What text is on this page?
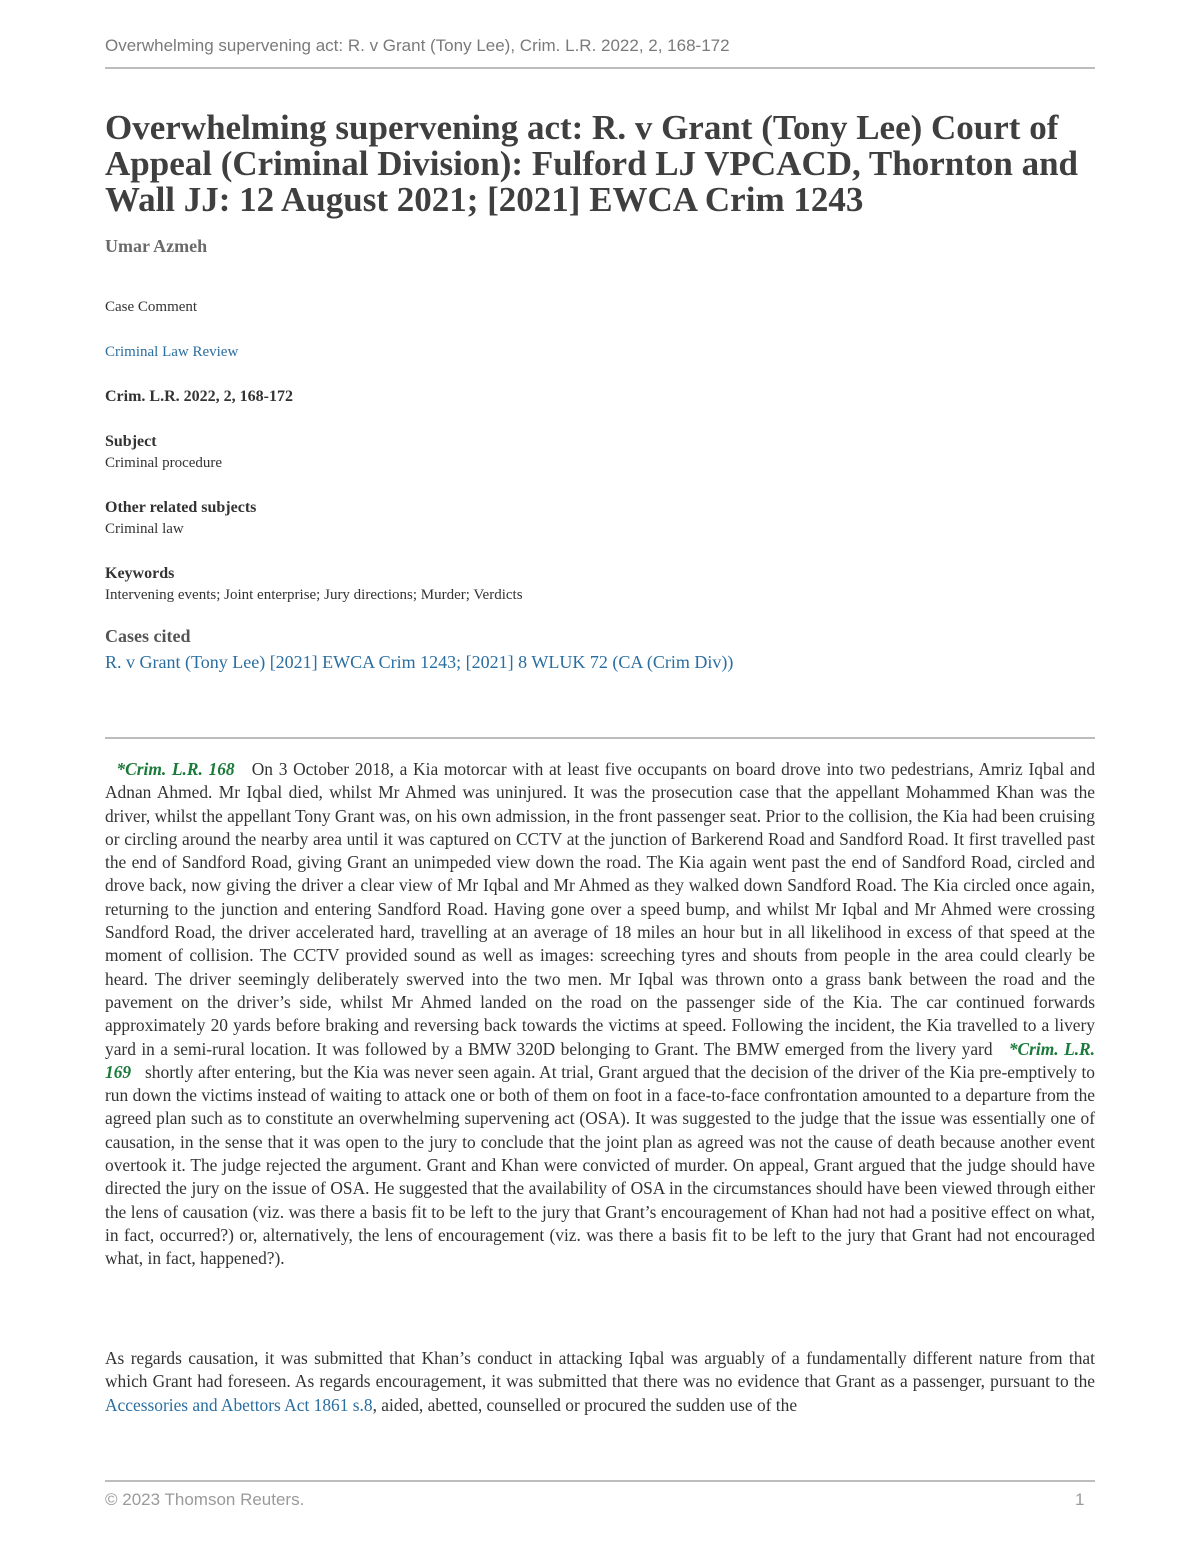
Overwhelming supervening act: R. v Grant (Tony Lee), Crim. L.R. 2022, 2, 168-172
Overwhelming supervening act: R. v Grant (Tony Lee) Court of Appeal (Criminal Division): Fulford LJ VPCACD, Thornton and Wall JJ: 12 August 2021; [2021] EWCA Crim 1243
Umar Azmeh
Case Comment
Criminal Law Review
Crim. L.R. 2022, 2, 168-172
Subject
Criminal procedure
Other related subjects
Criminal law
Keywords
Intervening events; Joint enterprise; Jury directions; Murder; Verdicts
Cases cited
R. v Grant (Tony Lee) [2021] EWCA Crim 1243; [2021] 8 WLUK 72 (CA (Crim Div))

*Crim. L.R. 168 On 3 October 2018, a Kia motorcar with at least five occupants on board drove into two pedestrians, Amriz Iqbal and Adnan Ahmed. Mr Iqbal died, whilst Mr Ahmed was uninjured. It was the prosecution case that the appellant Mohammed Khan was the driver, whilst the appellant Tony Grant was, on his own admission, in the front passenger seat. Prior to the collision, the Kia had been cruising or circling around the nearby area until it was captured on CCTV at the junction of Barkerend Road and Sandford Road. It first travelled past the end of Sandford Road, giving Grant an unimpeded view down the road. The Kia again went past the end of Sandford Road, circled and drove back, now giving the driver a clear view of Mr Iqbal and Mr Ahmed as they walked down Sandford Road. The Kia circled once again, returning to the junction and entering Sandford Road. Having gone over a speed bump, and whilst Mr Iqbal and Mr Ahmed were crossing Sandford Road, the driver accelerated hard, travelling at an average of 18 miles an hour but in all likelihood in excess of that speed at the moment of collision. The CCTV provided sound as well as images: screeching tyres and shouts from people in the area could clearly be heard. The driver seemingly deliberately swerved into the two men. Mr Iqbal was thrown onto a grass bank between the road and the pavement on the driver’s side, whilst Mr Ahmed landed on the road on the passenger side of the Kia. The car continued forwards approximately 20 yards before braking and reversing back towards the victims at speed. Following the incident, the Kia travelled to a livery yard in a semi-rural location. It was followed by a BMW 320D belonging to Grant. The BMW emerged from the livery yard *Crim. L.R. 169 shortly after entering, but the Kia was never seen again. At trial, Grant argued that the decision of the driver of the Kia pre-emptively to run down the victims instead of waiting to attack one or both of them on foot in a face-to-face confrontation amounted to a departure from the agreed plan such as to constitute an overwhelming supervening act (OSA). It was suggested to the judge that the issue was essentially one of causation, in the sense that it was open to the jury to conclude that the joint plan as agreed was not the cause of death because another event overtook it. The judge rejected the argument. Grant and Khan were convicted of murder. On appeal, Grant argued that the judge should have directed the jury on the issue of OSA. He suggested that the availability of OSA in the circumstances should have been viewed through either the lens of causation (viz. was there a basis fit to be left to the jury that Grant’s encouragement of Khan had not had a positive effect on what, in fact, occurred?) or, alternatively, the lens of encouragement (viz. was there a basis fit to be left to the jury that Grant had not encouraged what, in fact, happened?).

As regards causation, it was submitted that Khan’s conduct in attacking Iqbal was arguably of a fundamentally different nature from that which Grant had foreseen. As regards encouragement, it was submitted that there was no evidence that Grant as a passenger, pursuant to the Accessories and Abettors Act 1861 s.8, aided, abetted, counselled or procured the sudden use of the

© 2023 Thomson Reuters.	1
